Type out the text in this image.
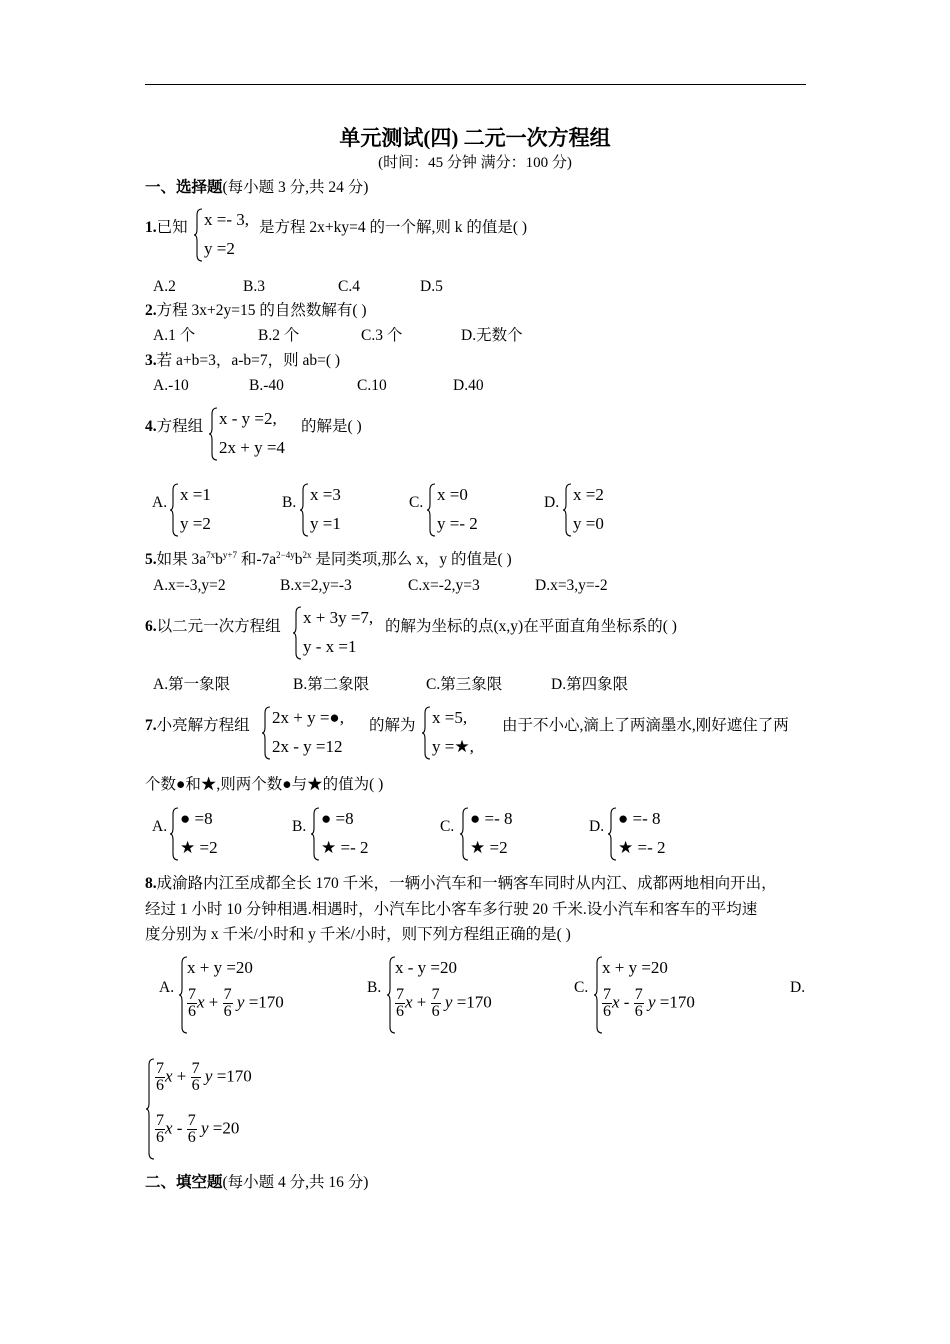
单元测试(四) 二元一次方程组
(时间：45 分钟 满分：100 分)
一、选择题(每小题 3 分,共 24 分)
1.已知 x =- 3,
y =2
是方程 2x+ky=4 的一个解,则 k 的值是( )
A.2	B.3	C.4	D.5
2.方程 3x+2y=15 的自然数解有( )
A.1 个	B.2 个	C.3 个	D.无数个
3.若 a+b=3，a-b=7，则 ab=( )
A.-10	B.-40	C.10	D.40
4.方程组 x - y =2,
2x + y =4
的解是( )
A. x =1
y =2
B. x =3
y =1
C. x =0
y =- 2
D. x =2
y =0
5.如果 $3a^{7x}b^{y+7}$ 和$-7a^{2-4y}b^{2x}$ 是同类项,那么 x，y 的值是( )
A.x=-3,y=2	B.x=2,y=-3	C.x=-2,y=3	D.x=3,y=-2
6.以二元一次方程组 x + 3y =7,
y - x =1
的解为坐标的点(x,y)在平面直角坐标系的( )
A.第一象限	B.第二象限	C.第三象限	D.第四象限
7.小亮解方程组 2x + y =●,
2x - y =12
的解为 x =5,
y =★,
由于不小心,滴上了两滴墨水,刚好遮住了两
个数●和★,则两个数●与★的值为( )
A. ● =8
★ =2
B. ● =8
★ =- 2
C. ● =- 8
★ =2
D. ● =- 8
★ =- 2
8.成渝路内江至成都全长 170 千米，一辆小汽车和一辆客车同时从内江、成都两地相向开出，
经过 1 小时 10 分钟相遇.相遇时，小汽车比小客车多行驶 20 千米.设小汽车和客车的平均速
度分别为 x 千米/小时和 y 千米/小时，则下列方程组正确的是( )
A.
x + y =20
$\frac{7}{6}$ $x + \frac{7}{6}$ y =170
B.
x - y =20
$\frac{7}{6}$ $x + \frac{7}{6}$ y =170
C.
x + y =20
$\frac{7}{6}$ x - $\frac{7}{6}$ y =170
D.
$\frac{7}{6}$ $x + \frac{7}{6}$ y =170
$\frac{7}{6}$ x - $\frac{7}{6}$ y =20
二、填空题(每小题 4 分,共 16 分)
